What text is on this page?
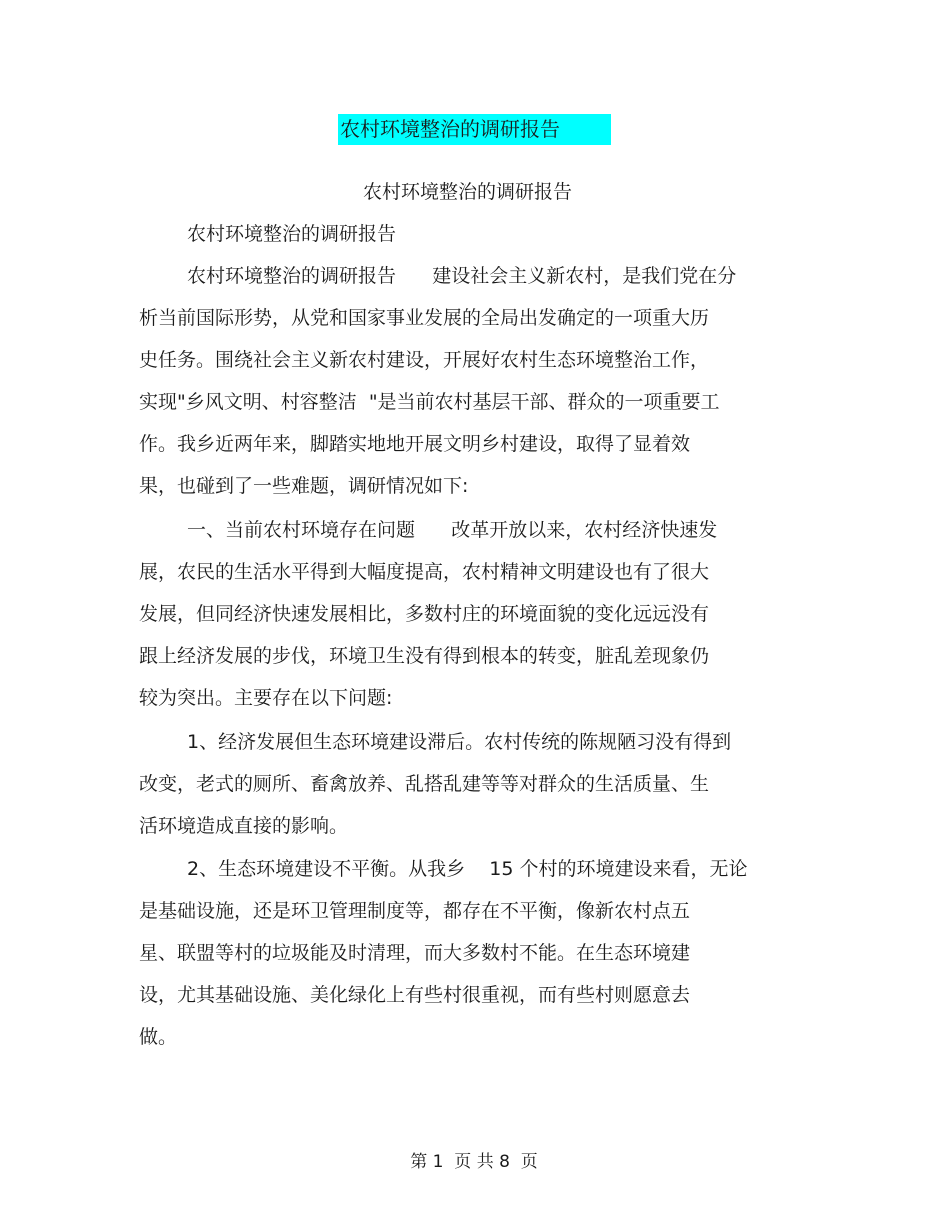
农村环境整治的调研报告
农村环境整治的调研报告
农村环境整治的调研报告
农村环境整治的调研报告      建设社会主义新农村，是我们党在分
析当前国际形势，从党和国家事业发展的全局出发确定的一项重大历
史任务。围绕社会主义新农村建设，开展好农村生态环境整治工作，
实现"乡风文明、村容整洁  "是当前农村基层干部、群众的一项重要工
作。我乡近两年来，脚踏实地地开展文明乡村建设，取得了显着效
果，也碰到了一些难题，调研情况如下:
一、当前农村环境存在问题      改革开放以来，农村经济快速发
展，农民的生活水平得到大幅度提高，农村精神文明建设也有了很大
发展，但同经济快速发展相比，多数村庄的环境面貌的变化远远没有
跟上经济发展的步伐，环境卫生没有得到根本的转变，脏乱差现象仍
较为突出。主要存在以下问题:
1、经济发展但生态环境建设滞后。农村传统的陈规陋习没有得到
改变，老式的厕所、畜禽放养、乱搭乱建等等对群众的生活质量、生
活环境造成直接的影响。
2、生态环境建设不平衡。从我乡    15 个村的环境建设来看，无论
是基础设施，还是环卫管理制度等，都存在不平衡，像新农村点五
星、联盟等村的垃圾能及时清理，而大多数村不能。在生态环境建
设，尤其基础设施、美化绿化上有些村很重视，而有些村则愿意去
做。
第 1  页 共 8  页
